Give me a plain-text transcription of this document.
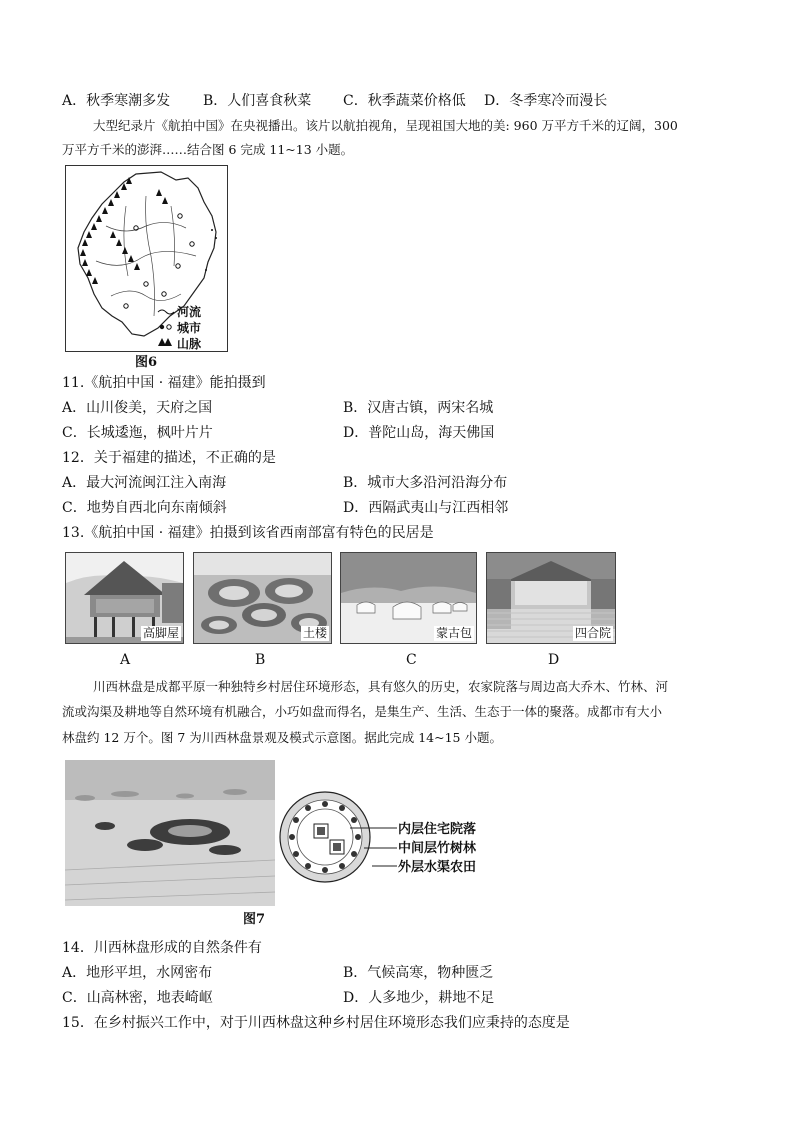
A．秋季寒潮多发 B．人们喜食秋菜 C．秋季蔬菜价格低 D．冬季寒冷而漫长
大型纪录片《航拍中国》在央视播出。该片以航拍视角，呈现祖国大地的美: 960 万平方千米的辽阔，300
万平方千米的澎湃……结合图 6 完成 11~13 小题。
河流
城市
山脉
图6
11.《航拍中国 · 福建》能拍摄到
A．山川俊美，天府之国	B．汉唐古镇，两宋名城
C．长城逶迤，枫叶片片	D．普陀山岛，海天佛国
12．关于福建的描述，不正确的是
A．最大河流闽江注入南海	B．城市大多沿河沿海分布
C．地势自西北向东南倾斜	D．西隔武夷山与江西相邻
13.《航拍中国 · 福建》拍摄到该省西南部富有特色的民居是
高脚屋	土楼	蒙古包	四合院
A	B	C	D
川西林盘是成都平原一种独特乡村居住环境形态，具有悠久的历史，农家院落与周边高大乔木、竹林、河
流或沟渠及耕地等自然环境有机融合，小巧如盘而得名，是集生产、生活、生态于一体的聚落。成都市有大小
林盘约 12 万个。图 7 为川西林盘景观及模式示意图。据此完成 14~15 小题。
内层住宅院落
中间层竹树林
外层水渠农田
图7
14．川西林盘形成的自然条件有
A．地形平坦，水网密布	B．气候高寒，物种匮乏
C．山高林密，地表崎岖	D．人多地少，耕地不足
15．在乡村振兴工作中，对于川西林盘这种乡村居住环境形态我们应秉持的态度是
